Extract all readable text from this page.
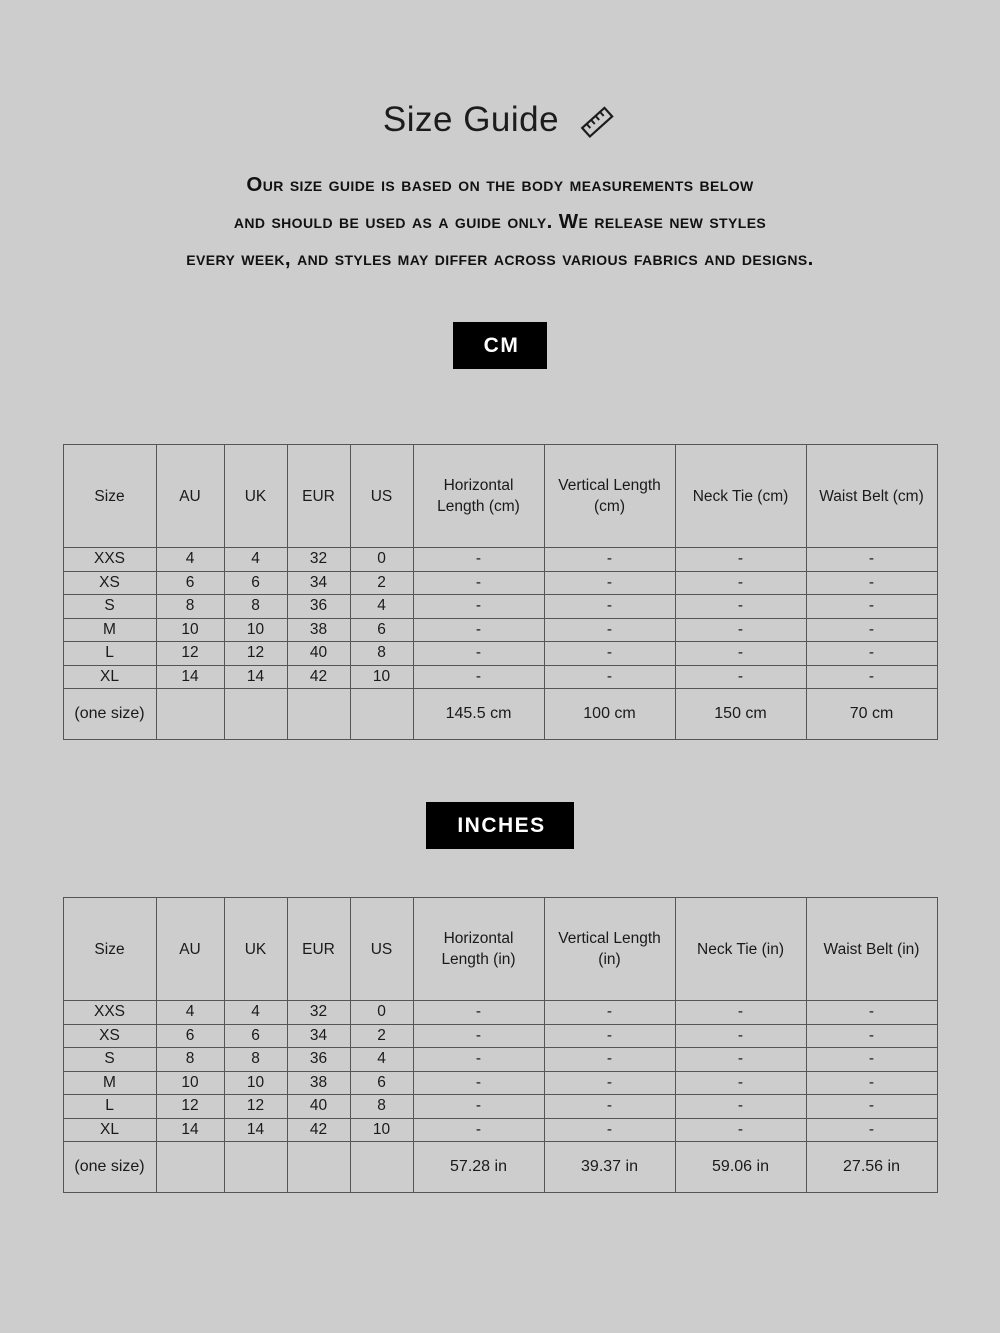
Size Guide
Our size guide is based on the body measurements below
and should be used as a guide only. We release new styles
every week, and styles may differ across various fabrics and designs.
CM
Size	AU	UK	EUR	US	Horizontal Length (cm)	Vertical Length (cm)	Neck Tie (cm)	Waist Belt (cm)
XXS	4	4	32	0	-	-	-	-
XS	6	6	34	2	-	-	-	-
S	8	8	36	4	-	-	-	-
M	10	10	38	6	-	-	-	-
L	12	12	40	8	-	-	-	-
XL	14	14	42	10	-	-	-	-
(one size)					145.5 cm	100 cm	150 cm	70 cm
INCHES
Size	AU	UK	EUR	US	Horizontal Length (in)	Vertical Length (in)	Neck Tie (in)	Waist Belt (in)
XXS	4	4	32	0	-	-	-	-
XS	6	6	34	2	-	-	-	-
S	8	8	36	4	-	-	-	-
M	10	10	38	6	-	-	-	-
L	12	12	40	8	-	-	-	-
XL	14	14	42	10	-	-	-	-
(one size)					57.28 in	39.37 in	59.06 in	27.56 in
